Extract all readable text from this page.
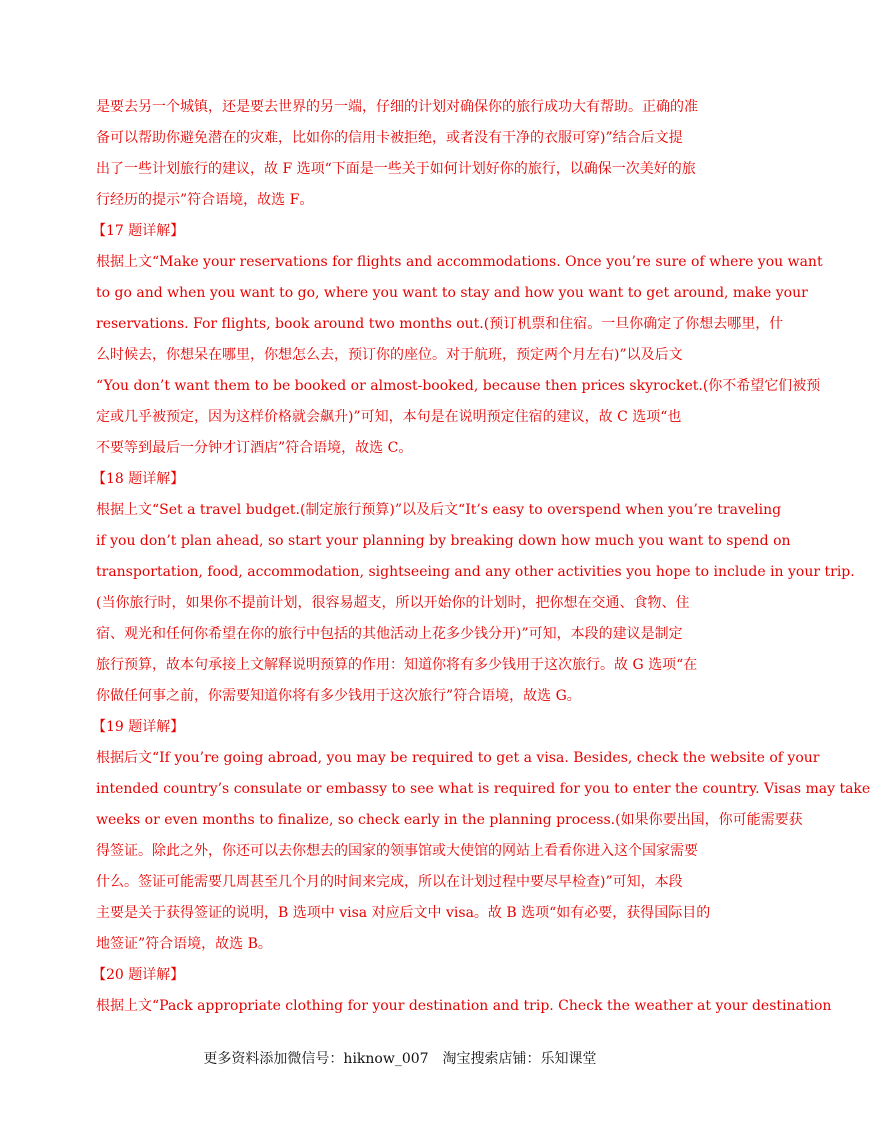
是要去另一个城镇，还是要去世界的另一端，仔细的计划对确保你的旅行成功大有帮助。正确的准
备可以帮助你避免潜在的灾难，比如你的信用卡被拒绝，或者没有干净的衣服可穿)”结合后文提
出了一些计划旅行的建议，故 F 选项“下面是一些关于如何计划好你的旅行，以确保一次美好的旅
行经历的提示”符合语境，故选 F。
【17 题详解】
根据上文“Make your reservations for flights and accommodations. Once you’re sure of where you want
to go and when you want to go, where you want to stay and how you want to get around, make your
reservations. For flights, book around two months out.(预订机票和住宿。一旦你确定了你想去哪里，什
么时候去，你想呆在哪里，你想怎么去，预订你的座位。对于航班，预定两个月左右)”以及后文
“You don’t want them to be booked or almost-booked, because then prices skyrocket.(你不希望它们被预
定或几乎被预定，因为这样价格就会飙升)”可知，本句是在说明预定住宿的建议，故 C 选项“也
不要等到最后一分钟才订酒店”符合语境，故选 C。
【18 题详解】
根据上文“Set a travel budget.(制定旅行预算)”以及后文“It’s easy to overspend when you’re traveling
if you don’t plan ahead, so start your planning by breaking down how much you want to spend on
transportation, food, accommodation, sightseeing and any other activities you hope to include in your trip.
(当你旅行时，如果你不提前计划，很容易超支，所以开始你的计划时，把你想在交通、食物、住
宿、观光和任何你希望在你的旅行中包括的其他活动上花多少钱分开)”可知，本段的建议是制定
旅行预算，故本句承接上文解释说明预算的作用：知道你将有多少钱用于这次旅行。故 G 选项“在
你做任何事之前，你需要知道你将有多少钱用于这次旅行”符合语境，故选 G。
【19 题详解】
根据后文“If you’re going abroad, you may be required to get a visa. Besides, check the website of your
intended country’s consulate or embassy to see what is required for you to enter the country. Visas may take
weeks or even months to finalize, so check early in the planning process.(如果你要出国，你可能需要获
得签证。除此之外，你还可以去你想去的国家的领事馆或大使馆的网站上看看你进入这个国家需要
什么。签证可能需要几周甚至几个月的时间来完成，所以在计划过程中要尽早检查)”可知，本段
主要是关于获得签证的说明，B 选项中 visa 对应后文中 visa。故 B 选项“如有必要，获得国际目的
地签证”符合语境，故选 B。
【20 题详解】
根据上文“Pack appropriate clothing for your destination and trip. Check the weather at your destination
更多资料添加微信号：hiknow_007　淘宝搜索店铺：乐知课堂
